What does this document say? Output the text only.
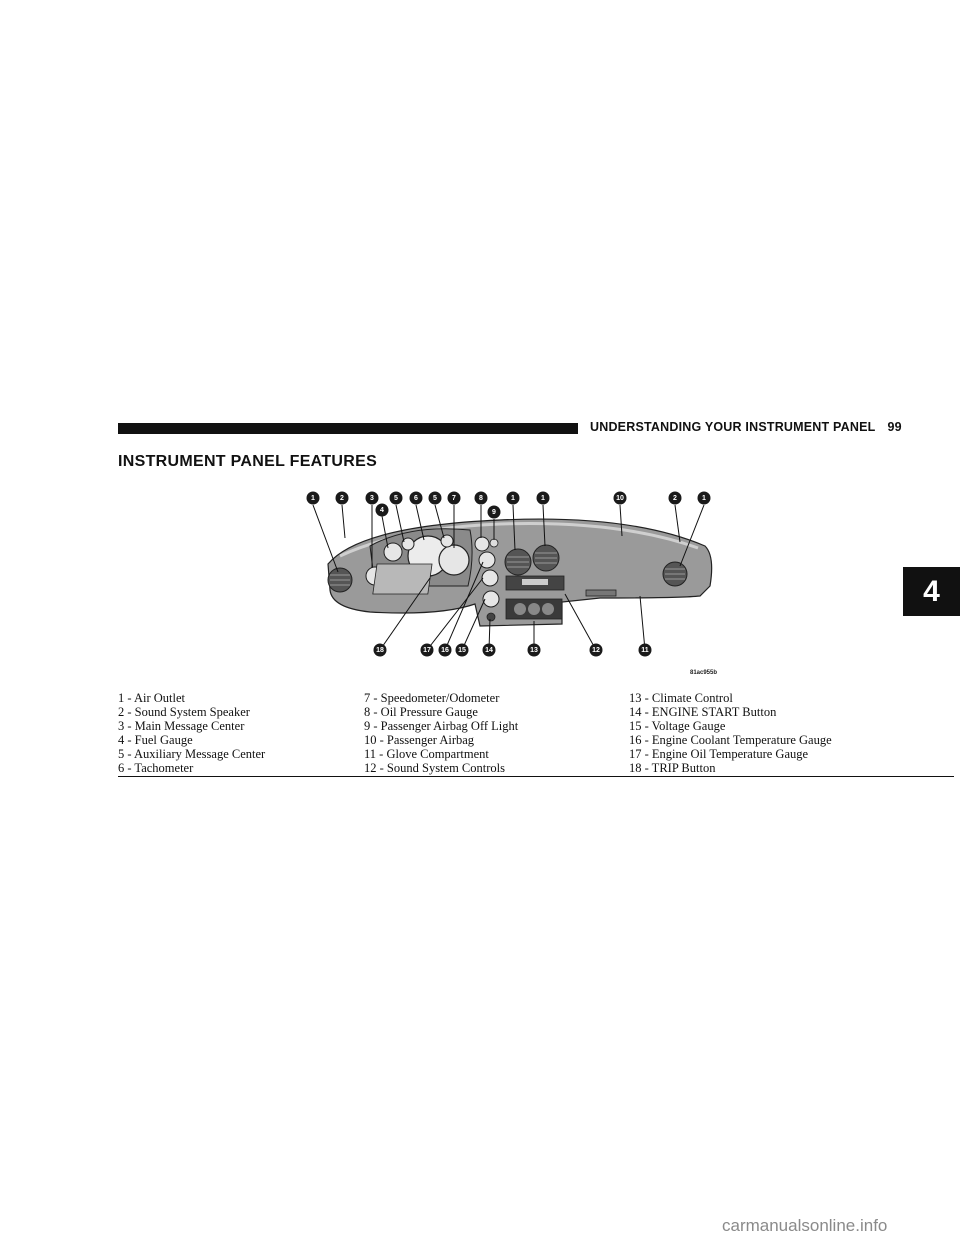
UNDERSTANDING YOUR INSTRUMENT PANEL 99
INSTRUMENT PANEL FEATURES
4
1	2	3
4
5 6 5 7	8
9
1	1	10	2	1
18	17 16 15	14	13	12	11
81ac955b
1 - Air Outlet
2 - Sound System Speaker
3 - Main Message Center
4 - Fuel Gauge
5 - Auxiliary Message Center
6 - Tachometer
7 - Speedometer/Odometer
8 - Oil Pressure Gauge
9 - Passenger Airbag Off Light
10 - Passenger Airbag
11 - Glove Compartment
12 - Sound System Controls
13 - Climate Control
14 - ENGINE START Button
15 - Voltage Gauge
16 - Engine Coolant Temperature Gauge
17 - Engine Oil Temperature Gauge
18 - TRIP Button
carmanualsonline.info
